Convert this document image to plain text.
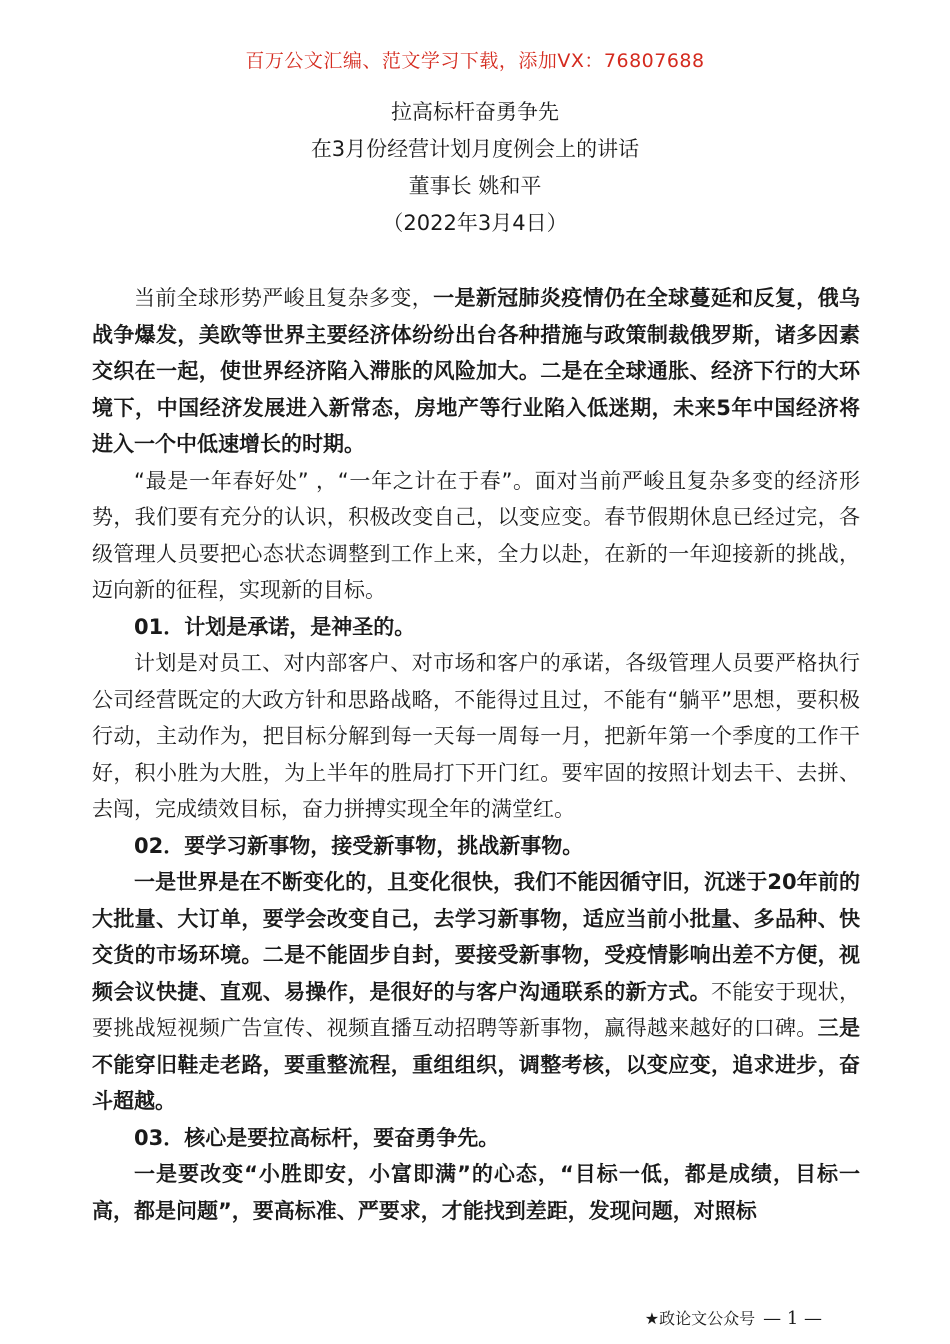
百万公文汇编、范文学习下载，添加VX：76807688
拉高标杆奋勇争先
在3月份经营计划月度例会上的讲话
董事长 姚和平
（2022年3月4日）

当前全球形势严峻且复杂多变，一是新冠肺炎疫情仍在全球蔓延和反复，俄乌战争爆发，美欧等世界主要经济体纷纷出台各种措施与政策制裁俄罗斯，诸多因素交织在一起，使世界经济陷入滞胀的风险加大。二是在全球通胀、经济下行的大环境下，中国经济发展进入新常态，房地产等行业陷入低迷期，未来5年中国经济将进入一个中低速增长的时期。

“最是一年春好处” ，“一年之计在于春”。面对当前严峻且复杂多变的经济形势，我们要有充分的认识，积极改变自己，以变应变。春节假期休息已经过完，各级管理人员要把心态状态调整到工作上来，全力以赴，在新的一年迎接新的挑战，迈向新的征程，实现新的目标。

01．计划是承诺，是神圣的。

计划是对员工、对内部客户、对市场和客户的承诺，各级管理人员要严格执行公司经营既定的大政方针和思路战略，不能得过且过，不能有“躺平”思想，要积极行动，主动作为，把目标分解到每一天每一周每一月，把新年第一个季度的工作干好，积小胜为大胜，为上半年的胜局打下开门红。要牢固的按照计划去干、去拼、去闯，完成绩效目标，奋力拼搏实现全年的满堂红。

02．要学习新事物，接受新事物，挑战新事物。

一是世界是在不断变化的，且变化很快，我们不能因循守旧，沉迷于20年前的大批量、大订单，要学会改变自己，去学习新事物，适应当前小批量、多品种、快交货的市场环境。二是不能固步自封，要接受新事物，受疫情影响出差不方便，视频会议快捷、直观、易操作，是很好的与客户沟通联系的新方式。不能安于现状，要挑战短视频广告宣传、视频直播互动招聘等新事物，赢得越来越好的口碑。三是不能穿旧鞋走老路，要重整流程，重组组织，调整考核，以变应变，追求进步，奋斗超越。

03．核心是要拉高标杆，要奋勇争先。

一是要改变“小胜即安，小富即满”的心态，“目标一低，都是成绩，目标一高，都是问题”，要高标准、严要求，才能找到差距，发现问题，对照标

★政论文公众号 — 1 —
